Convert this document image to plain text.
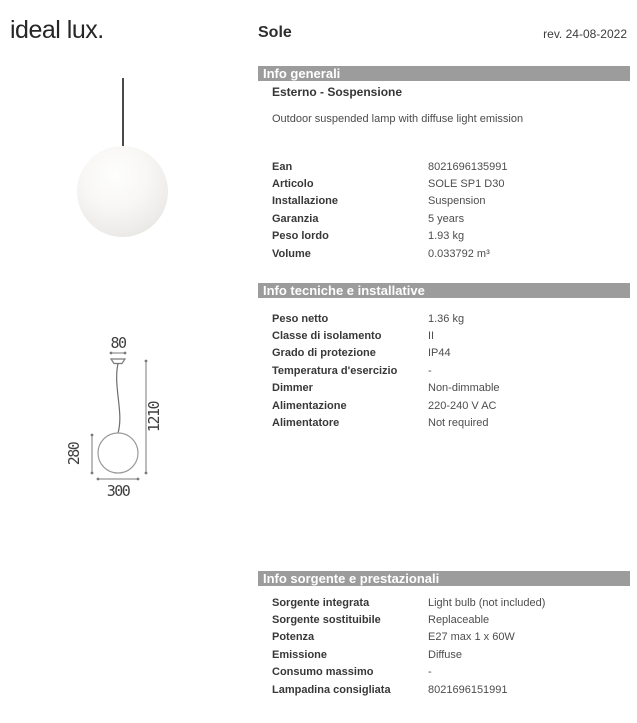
ideal lux.	Sole	rev. 24-08-2022
80
1210
280
300
Info generali
Esterno - Sospensione
Outdoor suspended lamp with diffuse light emission
Ean	8021696135991
Articolo	SOLE SP1 D30
Installazione	Suspension
Garanzia	5 years
Peso lordo	1.93 kg
Volume	0.033792 m³
Info tecniche e installative
Peso netto	1.36 kg
Classe di isolamento	II
Grado di protezione	IP44
Temperatura d'esercizio	-
Dimmer	Non-dimmable
Alimentazione	220-240 V AC
Alimentatore	Not required
Info sorgente e prestazionali
Sorgente integrata	Light bulb (not included)
Sorgente sostituibile	Replaceable
Potenza	E27 max 1 x 60W
Emissione	Diffuse
Consumo massimo	-
Lampadina consigliata	8021696151991
